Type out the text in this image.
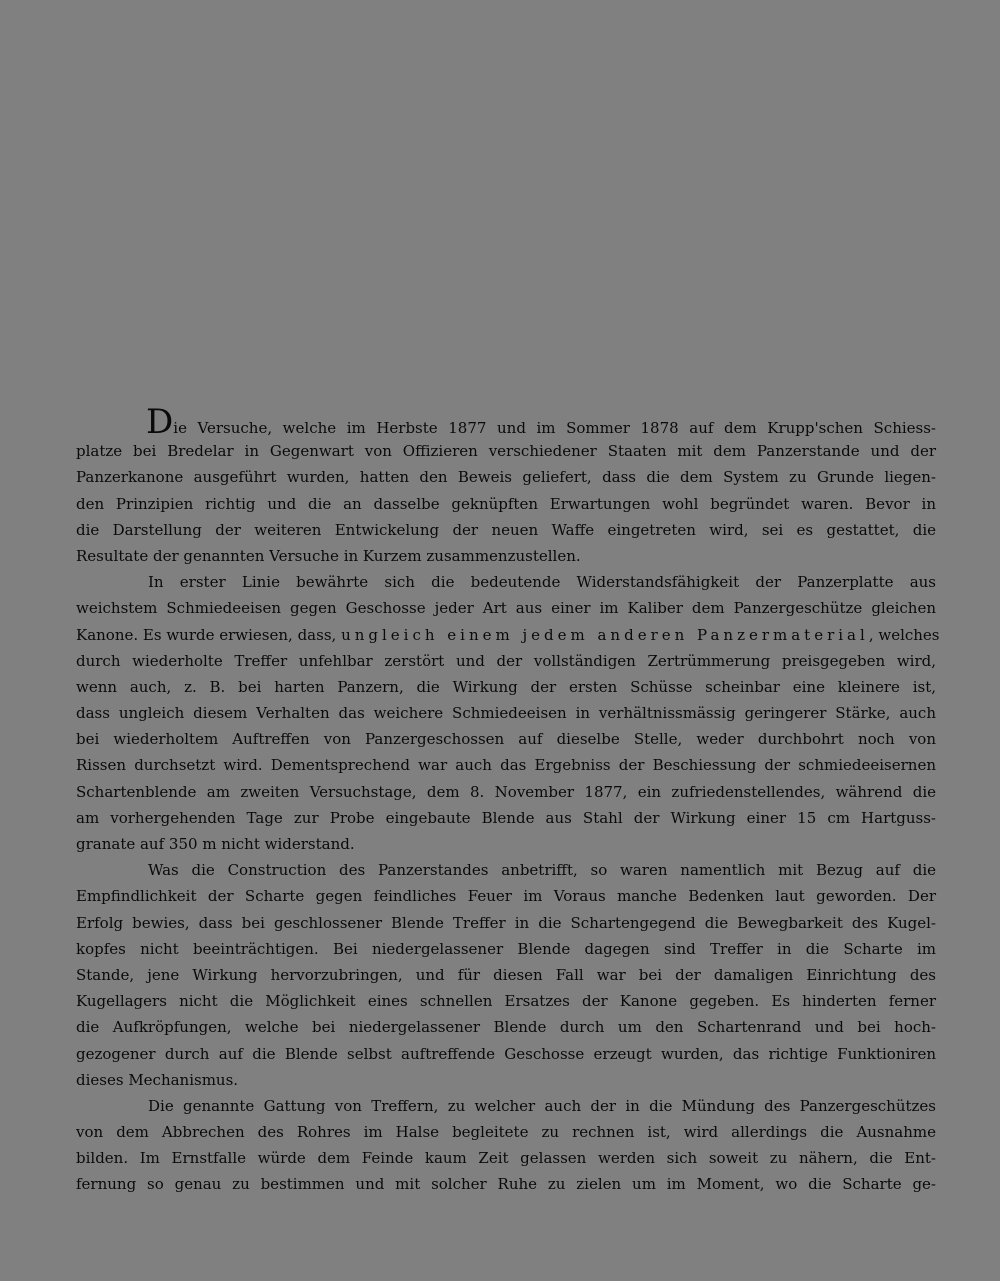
Die Versuche, welche im Herbste 1877 und im Sommer 1878 auf dem Krupp'schen Schiess-
platze bei Bredelar in Gegenwart von Offizieren verschiedener Staaten mit dem Panzerstande und der
Panzerkanone ausgeführt wurden, hatten den Beweis geliefert, dass die dem System zu Grunde liegen-
den Prinzipien richtig und die an dasselbe geknüpften Erwartungen wohl begründet waren. Bevor in
die Darstellung der weiteren Entwickelung der neuen Waffe eingetreten wird, sei es gestattet, die
Resultate der genannten Versuche in Kurzem zusammenzustellen.
In erster Linie bewährte sich die bedeutende Widerstandsfähigkeit der Panzerplatte aus
weichstem Schmiedeeisen gegen Geschosse jeder Art aus einer im Kaliber dem Panzergeschütze gleichen
Kanone. Es wurde erwiesen, dass, ungleich einem jedem anderen Panzermaterial, welches
durch wiederholte Treffer unfehlbar zerstört und der vollständigen Zertrümmerung preisgegeben wird,
wenn auch, z. B. bei harten Panzern, die Wirkung der ersten Schüsse scheinbar eine kleinere ist,
dass ungleich diesem Verhalten das weichere Schmiedeeisen in verhältnissmässig geringerer Stärke, auch
bei wiederholtem Auftreffen von Panzergeschossen auf dieselbe Stelle, weder durchbohrt noch von
Rissen durchsetzt wird. Dementsprechend war auch das Ergebniss der Beschiessung der schmiedeeisernen
Schartenblende am zweiten Versuchstage, dem 8. November 1877, ein zufriedenstellendes, während die
am vorhergehenden Tage zur Probe eingebaute Blende aus Stahl der Wirkung einer 15 cm Hartguss-
granate auf 350 m nicht widerstand.
Was die Construction des Panzerstandes anbetrifft, so waren namentlich mit Bezug auf die
Empfindlichkeit der Scharte gegen feindliches Feuer im Voraus manche Bedenken laut geworden. Der
Erfolg bewies, dass bei geschlossener Blende Treffer in die Schartengegend die Bewegbarkeit des Kugel-
kopfes nicht beeinträchtigen. Bei niedergelassener Blende dagegen sind Treffer in die Scharte im
Stande, jene Wirkung hervorzubringen, und für diesen Fall war bei der damaligen Einrichtung des
Kugellagers nicht die Möglichkeit eines schnellen Ersatzes der Kanone gegeben. Es hinderten ferner
die Aufkröpfungen, welche bei niedergelassener Blende durch um den Schartenrand und bei hoch-
gezogener durch auf die Blende selbst auftreffende Geschosse erzeugt wurden, das richtige Funktioniren
dieses Mechanismus.
Die genannte Gattung von Treffern, zu welcher auch der in die Mündung des Panzergeschützes
von dem Abbrechen des Rohres im Halse begleitete zu rechnen ist, wird allerdings die Ausnahme
bilden. Im Ernstfalle würde dem Feinde kaum Zeit gelassen werden sich soweit zu nähern, die Ent-
fernung so genau zu bestimmen und mit solcher Ruhe zu zielen um im Moment, wo die Scharte ge-
